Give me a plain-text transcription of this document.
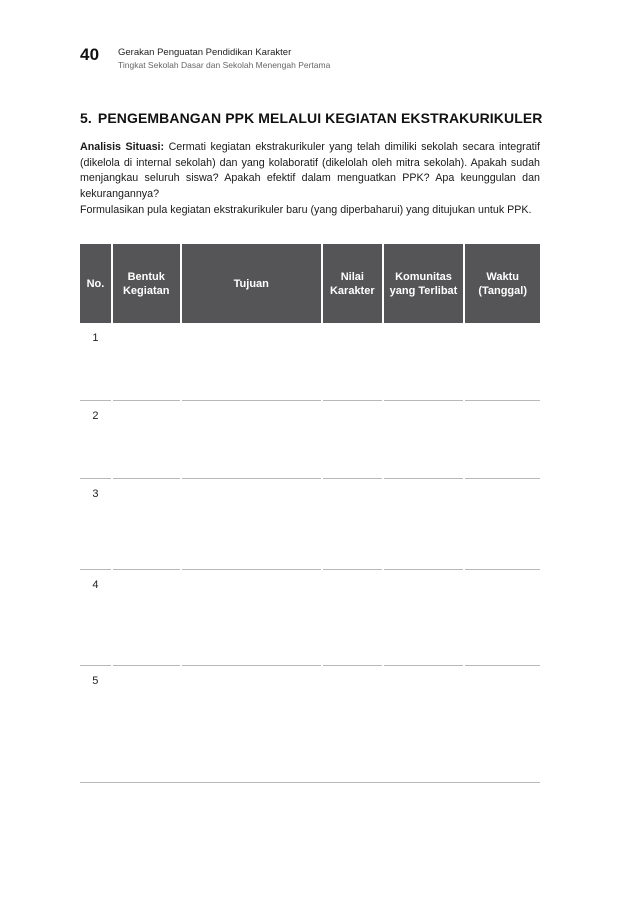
40 Gerakan Penguatan Pendidikan Karakter
Tingkat Sekolah Dasar dan Sekolah Menengah Pertama
5. PENGEMBANGAN PPK MELALUI KEGIATAN EKSTRAKURIKULER

Analisis Situasi: Cermati kegiatan ekstrakurikuler yang telah dimiliki sekolah secara integratif (dikelola di internal sekolah) dan yang kolaboratif (dikelolah oleh mitra sekolah). Apakah sudah menjangkau seluruh siswa? Apakah efektif dalam menguatkan PPK? Apa keunggulan dan kekurangannya?

Formulasikan pula kegiatan ekstrakurikuler baru (yang diperbaharui) yang ditujukan untuk PPK.

No.
Bentuk
Kegiatan
Tujuan
Nilai
Karakter
Komunitas
yang Terlibat
Waktu
(Tanggal)
1
2
3
4
5
